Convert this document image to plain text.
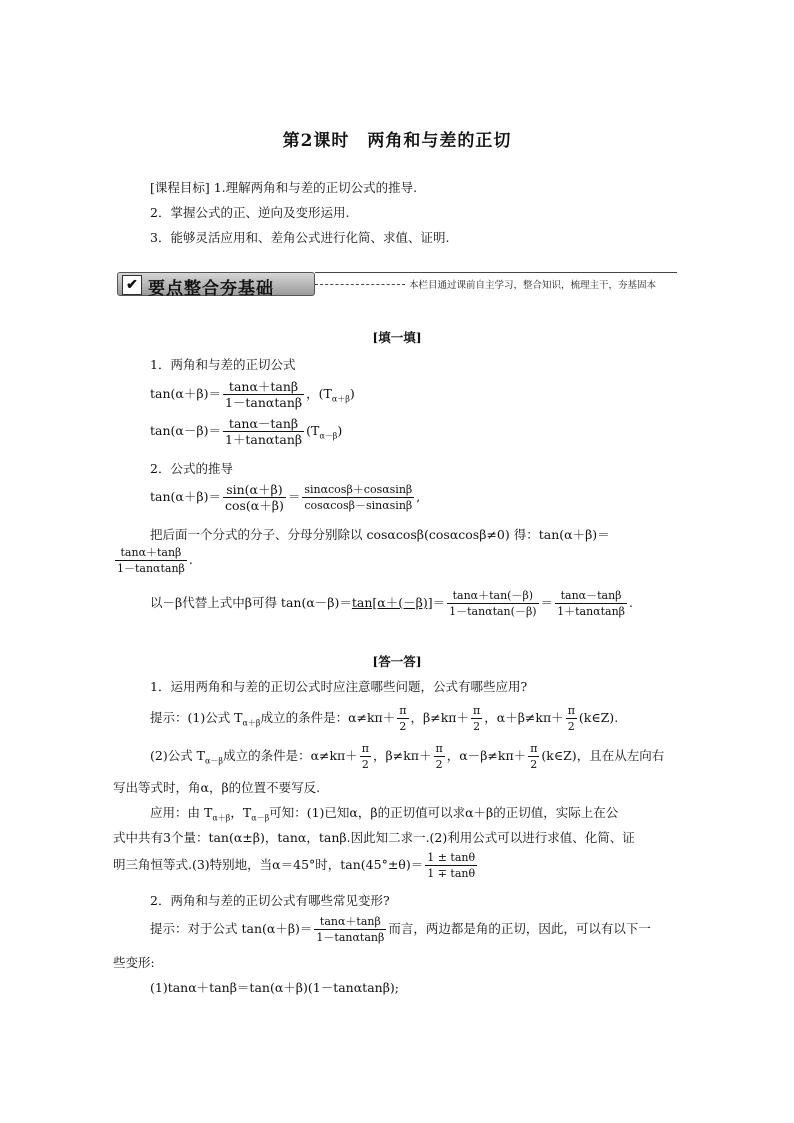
第2课时　两角和与差的正切
[课程目标] 1.理解两角和与差的正切公式的推导.
2．掌握公式的正、逆向及变形运用.
3．能够灵活应用和、差角公式进行化简、求值、证明.
✔ 要点整合夯基础	本栏目通过课前自主学习，整合知识，梳理主干，夯基固本
[填一填]
1．两角和与差的正切公式
$\tan(\alpha+\beta)= \frac{\tan\alpha+\tan\beta}{1-\tan\alpha\tan\beta}$ ，$(T_{\alpha+\beta})$
$\tan(\alpha-\beta)= \frac{\tan\alpha-\tan\beta}{1+\tan\alpha\tan\beta} (T_{\alpha-\beta})$
2．公式的推导
$\tan(\alpha+\beta)= \frac{\sin(\alpha+\beta)}{\cos(\alpha+\beta)} = \frac{\sin\alpha\cos\beta+\cos\alpha\sin\beta}{\cos\alpha\cos\beta-\sin\alpha\sin\beta}$ ,
把后面一个分式的分子、分母分别除以 cosαcosβ(cosαcosβ≠0) 得：tan(α＋β)＝
$\frac{\tan\alpha+\tan\beta}{1-\tan\alpha\tan\beta}$ .
以－β代替上式中β可得 $\tan(\alpha-\beta)=\tan[\alpha+(-\beta)]= \frac{\tan\alpha+\tan(-\beta)}{1-\tan\alpha\tan(-\beta)} = \frac{\tan\alpha-\tan\beta}{1+\tan\alpha\tan\beta}$ .
[答一答]
1．运用两角和与差的正切公式时应注意哪些问题，公式有哪些应用?
提示：(1)公式 $T_{\alpha+\beta}$成立的条件是：$\alpha\ne k\pi+ \frac{\pi}{2}$ ，$\beta\ne k\pi+ \frac{\pi}{2}$ ，$\alpha+\beta\ne k\pi+ \frac{\pi}{2}$ (k∈Z).
(2)公式 $T_{\alpha-\beta}$成立的条件是：$\alpha\ne k\pi+ \frac{\pi}{2}$ ，$\beta\ne k\pi+ \frac{\pi}{2}$ ，$\alpha-\beta\ne k\pi+ \frac{\pi}{2}$ (k∈Z)，且在从左向右
写出等式时，角α，β的位置不要写反.
应用：由 $T_{\alpha+\beta}$，$T_{\alpha-\beta}$可知：(1)已知α，β的正切值可以求α＋β的正切值，实际上在公
式中共有3个量：tan(α±β)，tanα，tanβ.因此知二求一.(2)利用公式可以进行求值、化简、证
明三角恒等式.(3)特别地，当α＝45°时，$\tan(45^\circ\pm\theta)= \frac{1 \pm \tan\theta}{1 \mp \tan\theta}$
2．两角和与差的正切公式有哪些常见变形?
提示：对于公式 $\tan(\alpha+\beta)= \frac{\tan\alpha+\tan\beta}{1-\tan\alpha\tan\beta}$ 而言，两边都是角的正切，因此，可以有以下一
些变形:
(1)tanα＋tanβ＝tan(α＋β)(1－tanαtanβ);
